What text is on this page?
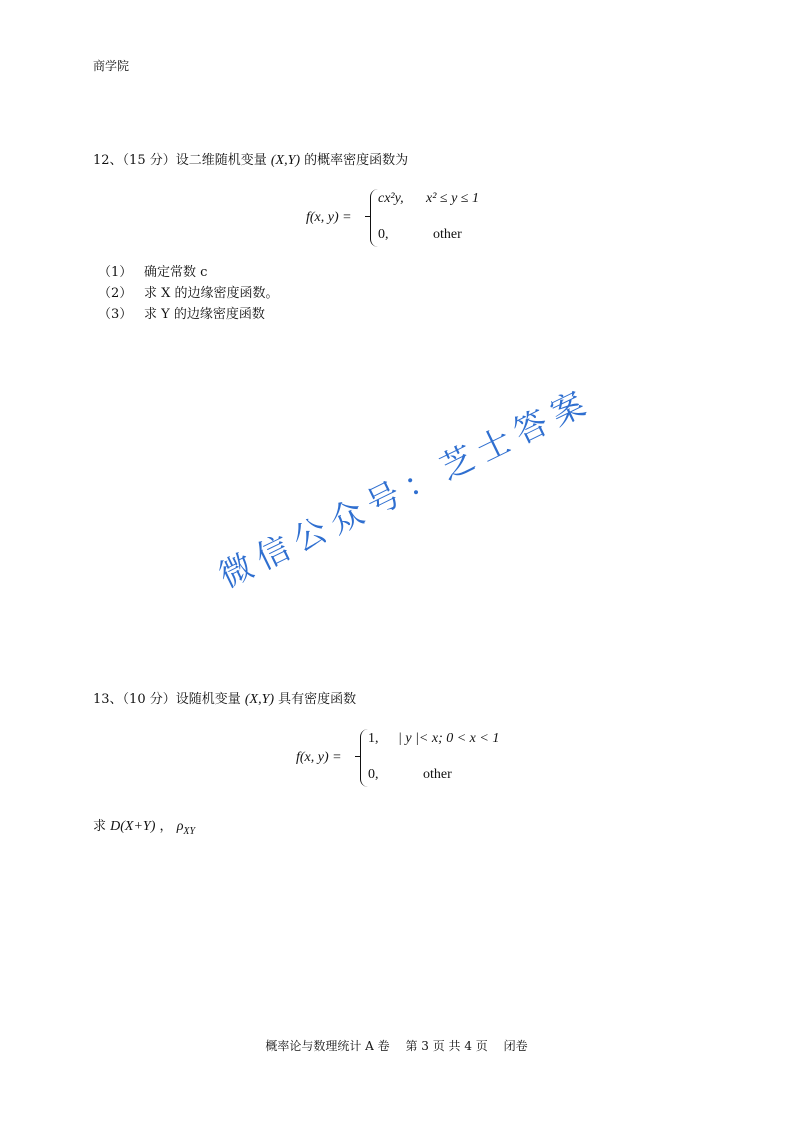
商学院
12、（15 分）设二维随机变量 (X,Y) 的概率密度函数为
f(x, y) =
cx²y, x² ≤ y ≤ 1
0,	other
（1） 确定常数 c
（2） 求 X 的边缘密度函数。
（3） 求 Y 的边缘密度函数
微信公众号：芝士答案
13、（10 分）设随机变量 (X,Y) 具有密度函数
f(x, y) =
1, | y |< x; 0 < x < 1
0,	other
求 D(X+Y) ， $\rho_{XY}$
概率论与数理统计 A 卷 第 3 页 共 4 页 闭卷
